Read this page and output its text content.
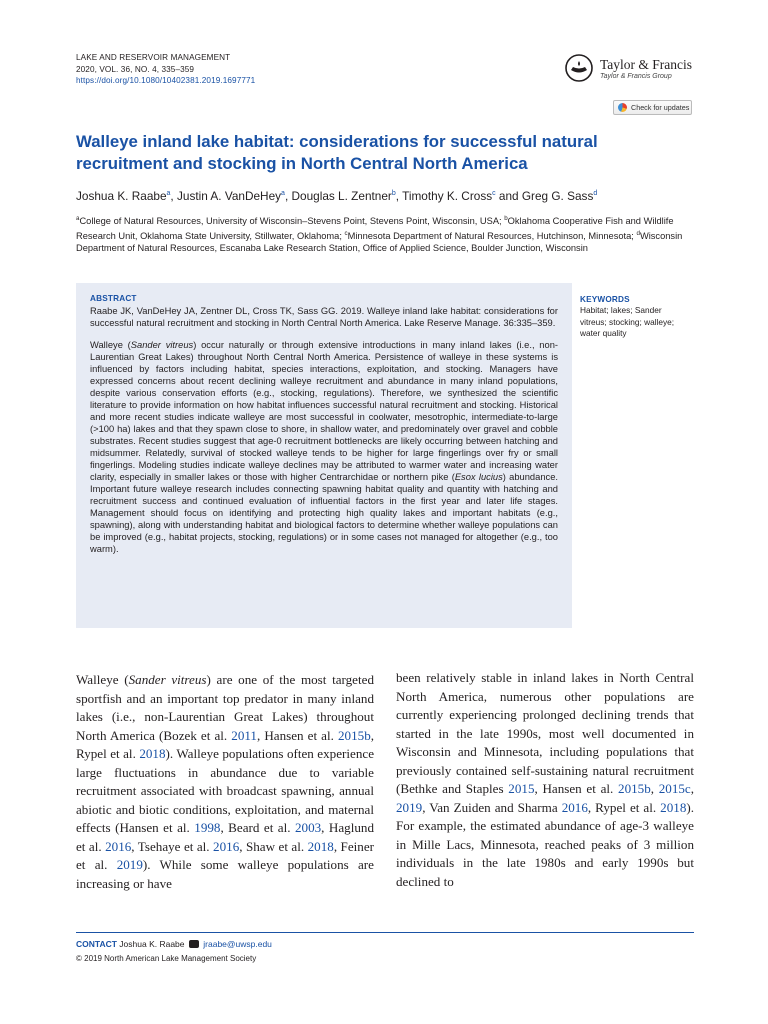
LAKE AND RESERVOIR MANAGEMENT
2020, VOL. 36, NO. 4, 335–359
https://doi.org/10.1080/10402381.2019.1697771
Taylor & Francis
Taylor & Francis Group
Check for updates
Walleye inland lake habitat: considerations for successful natural recruitment and stocking in North Central North America
Joshua K. Raabe$^a$, Justin A. VanDeHey$^a$, Douglas L. Zentner$^b$, Timothy K. Cross$^c$ and Greg G. Sass$^d$
$^a$College of Natural Resources, University of Wisconsin–Stevens Point, Stevens Point, Wisconsin, USA; $^b$Oklahoma Cooperative Fish and Wildlife Research Unit, Oklahoma State University, Stillwater, Oklahoma; $^c$Minnesota Department of Natural Resources, Hutchinson, Minnesota; $^d$Wisconsin Department of Natural Resources, Escanaba Lake Research Station, Office of Applied Science, Boulder Junction, Wisconsin
ABSTRACT

Raabe JK, VanDeHey JA, Zentner DL, Cross TK, Sass GG. 2019. Walleye inland lake habitat: considerations for successful natural recruitment and stocking in North Central North America. Lake Reserve Manage. 36:335–359.

Walleye (Sander vitreus) occur naturally or through extensive introductions in many inland lakes (i.e., non-Laurentian Great Lakes) throughout North Central North America. Persistence of walleye in these systems is influenced by factors including habitat, species interactions, exploitation, and stocking. Managers have expressed concerns about recent declining walleye recruitment and abundance in many inland populations, despite various conservation efforts (e.g., stocking, regulations). Therefore, we synthesized the scientific literature to provide information on how habitat influences successful natural recruitment and stocking. Historical and more recent studies indicate walleye are most successful in coolwater, mesotrophic, intermediate-to-large (>100 ha) lakes and that they spawn close to shore, in shallow water, and predominately over gravel and cobble substrates. Recent studies suggest that age-0 recruitment bottlenecks are likely occurring between hatching and midsummer. Relatedly, survival of stocked walleye tends to be higher for large fingerlings over fry or small fingerlings. Modeling studies indicate walleye declines may be attributed to warmer water and increasing water clarity, especially in smaller lakes or those with higher Centrarchidae or northern pike (Esox lucius) abundance. Important future walleye research includes connecting spawning habitat quality and quantity with hatching and recruitment success and continued evaluation of influential factors in the first year and later life stages. Management should focus on identifying and protecting high quality lakes and important habitats (e.g., spawning), along with understanding habitat and biological factors to determine whether walleye populations can be improved (e.g., habitat projects, stocking, regulations) or in some cases not managed for altogether (e.g., too warm).

KEYWORDS
Habitat; lakes; Sander vitreus; stocking; walleye; water quality
Walleye (Sander vitreus) are one of the most targeted sportfish and an important top predator in many inland lakes (i.e., non-Laurentian Great Lakes) throughout North America (Bozek et al. 2011, Hansen et al. 2015b, Rypel et al. 2018). Walleye populations often experience large fluctuations in abundance due to variable recruitment associated with broadcast spawning, annual abiotic and biotic conditions, exploitation, and maternal effects (Hansen et al. 1998, Beard et al. 2003, Haglund et al. 2016, Tsehaye et al. 2016, Shaw et al. 2018, Feiner et al. 2019). While some walleye populations are increasing or have
been relatively stable in inland lakes in North Central North America, numerous other populations are currently experiencing prolonged declining trends that started in the late 1990s, most well documented in Wisconsin and Minnesota, including populations that previously contained self-sustaining natural recruitment (Bethke and Staples 2015, Hansen et al. 2015b, 2015c, 2019, Van Zuiden and Sharma 2016, Rypel et al. 2018). For example, the estimated abundance of age-3 walleye in Mille Lacs, Minnesota, reached peaks of 3 million individuals in the late 1980s and early 1990s but declined to
CONTACT Joshua K. Raabe jraabe@uwsp.edu
© 2019 North American Lake Management Society
